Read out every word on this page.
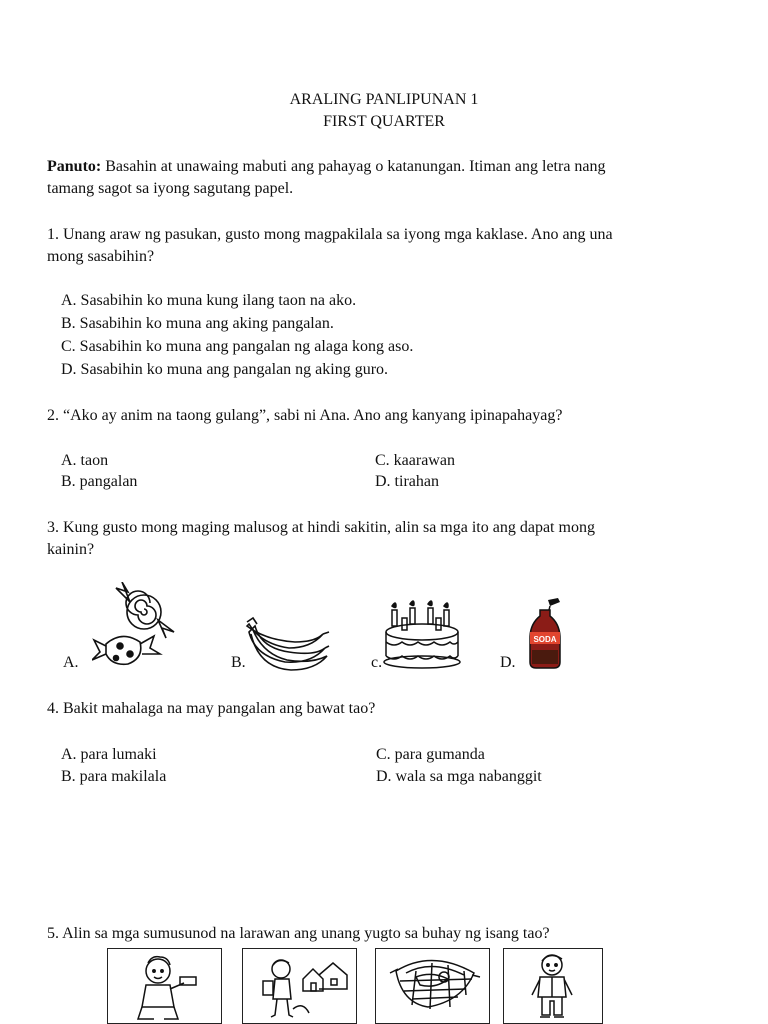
ARALING PANLIPUNAN 1
FIRST QUARTER
Panuto: Basahin at unawaing mabuti ang pahayag o katanungan. Itiman ang letra nang
tamang sagot sa iyong sagutang papel.
1. Unang araw ng pasukan, gusto mong magpakilala sa iyong mga kaklase. Ano ang una
mong sasabihin?
A. Sasabihin ko muna kung ilang taon na ako.
B. Sasabihin ko muna ang aking pangalan.
C. Sasabihin ko muna ang pangalan ng alaga kong aso.
D. Sasabihin ko muna ang pangalan ng aking guro.
2. “Ako ay anim na taong gulang”, sabi ni Ana. Ano ang kanyang ipinapahayag?
A. taon	C. kaarawan
B. pangalan	D. tirahan
3. Kung gusto mong maging malusog at hindi sakitin, alin sa mga ito ang dapat mong
kainin?
A.	B.	c.	D.
SODA
4. Bakit mahalaga na may pangalan ang bawat tao?
A. para lumaki	C. para gumanda
B. para makilala	D. wala sa mga nabanggit
5. Alin sa mga sumusunod na larawan ang unang yugto sa buhay ng isang tao?
